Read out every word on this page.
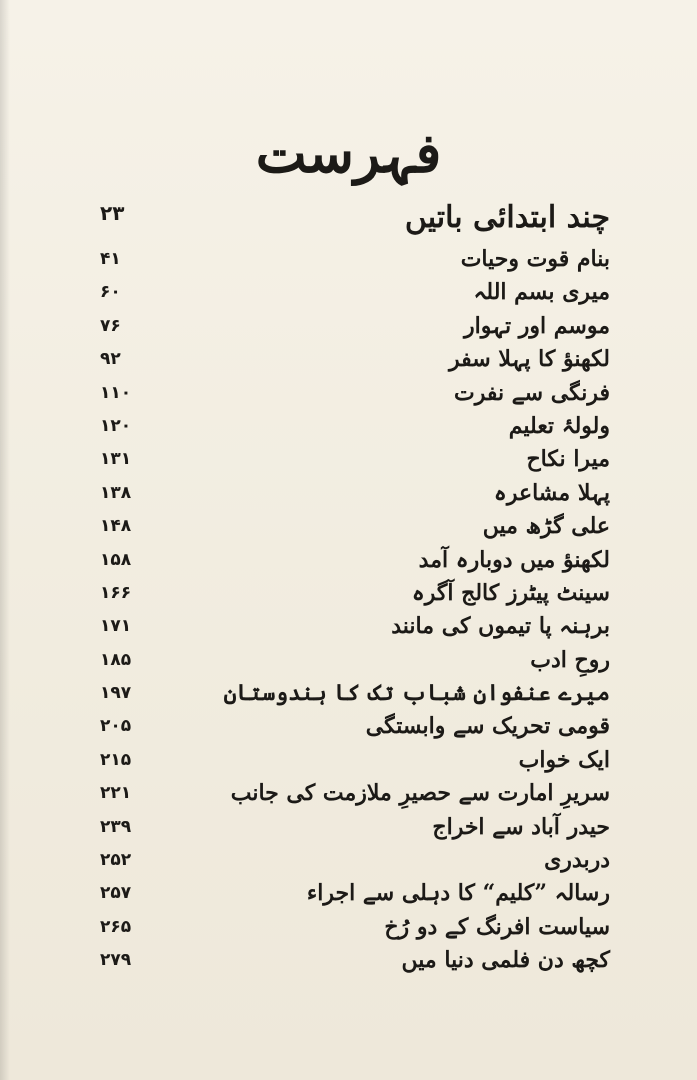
فہرست
چند ابتدائی باتیں
۲۳
بنام قوت وحیات
۴۱
میری بسم اللہ
۶۰
موسم اور تہوار
۷۶
لکھنؤ کا پہلا سفر
۹۲
فرنگی سے نفرت
۱۱۰
ولولۂ تعلیم
۱۲۰
میرا نکاح
۱۳۱
پہلا مشاعرہ
۱۳۸
علی گڑھ میں
۱۴۸
لکھنؤ میں دوبارہ آمد
۱۵۸
سینٹ پیٹرز کالج آگرہ
۱۶۶
برہنہ پا تیموں کی مانند
۱۷۱
روحِ ادب
۱۸۵
میرے عنفوانِ شباب تک کا ہندوستان
۱۹۷
قومی تحریک سے وابستگی
۲۰۵
ایک خواب
۲۱۵
سریرِ امارت سے حصیرِ ملازمت کی جانب
۲۲۱
حیدر آباد سے اخراج
۲۳۹
دربدری
۲۵۲
رسالہ ”کلیم“ کا دہلی سے اجراء
۲۵۷
سیاست افرنگ کے دو رُخ
۲۶۵
کچھ دن فلمی دنیا میں
۲۷۹
